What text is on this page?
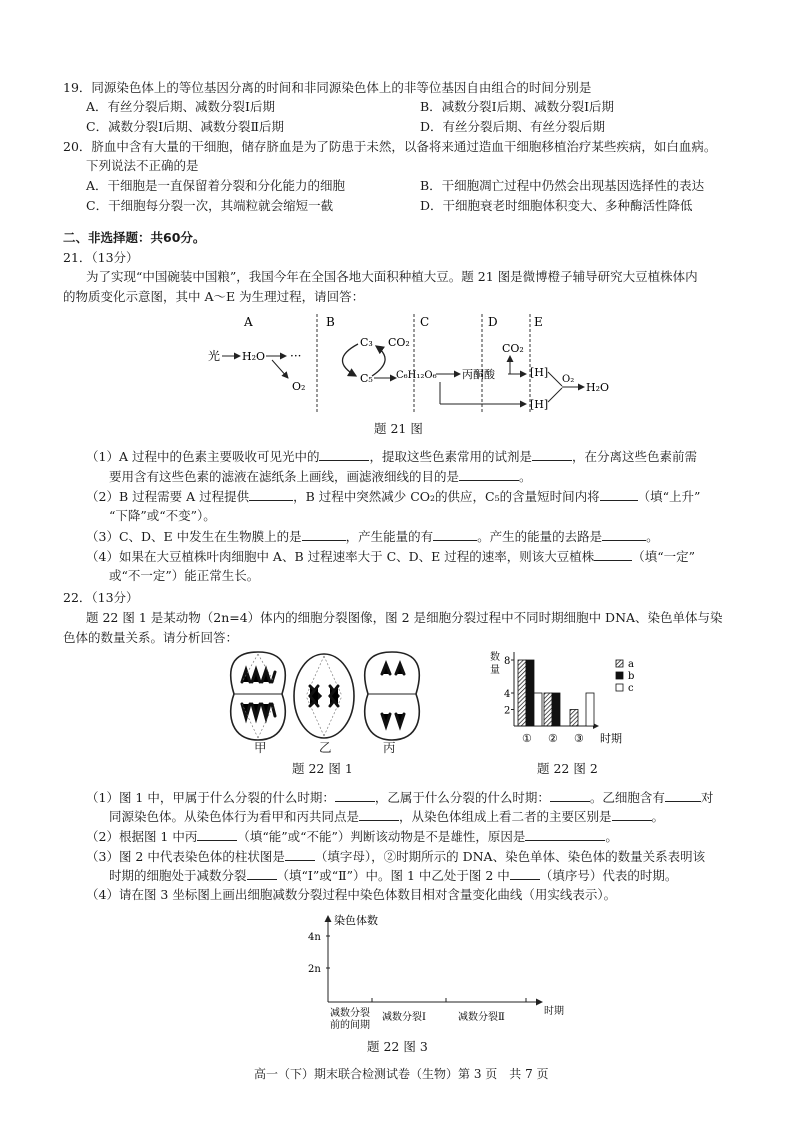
19．同源染色体上的等位基因分离的时间和非同源染色体上的非等位基因自由组合的时间分别是
A．有丝分裂后期、减数分裂Ⅰ后期	B．减数分裂Ⅰ后期、减数分裂Ⅰ后期
C．减数分裂Ⅰ后期、减数分裂Ⅱ后期	D．有丝分裂后期、有丝分裂后期
20．脐血中含有大量的干细胞，储存脐血是为了防患于未然，以备将来通过造血干细胞移植治疗某些疾病，如白血病。
下列说法不正确的是
A．干细胞是一直保留着分裂和分化能力的细胞	B．干细胞凋亡过程中仍然会出现基因选择性的表达
C．干细胞每分裂一次，其端粒就会缩短一截	D．干细胞衰老时细胞体积变大、多种酶活性降低
二、非选择题：共60分。
21．（13分）
为了实现“中国碗装中国粮”，我国今年在全国各地大面积种植大豆。题 21 图是微博橙子辅导研究大豆植株体内
的物质变化示意图，其中 A～E 为生理过程，请回答：
A	B	C	D	E
光 H₂O ···
O₂
C₃
C₅
CO₂
C₆H₁₂O₆ 丙酮酸
CO₂
[H]
[H]
O₂
H₂O
题 21 图
（1）A 过程中的色素主要吸收可见光中的	，提取这些色素常用的试剂是	，在分离这些色素前需
要用含有这些色素的滤液在滤纸条上画线，画滤液细线的目的是	。
（2）B 过程需要 A 过程提供	，B 过程中突然减少 CO₂的供应，C₅的含量短时间内将	（填“上升”
“下降”或“不变”）。
（3）C、D、E 中发生在生物膜上的是	，产生能量的有	。产生的能量的去路是	。
（4）如果在大豆植株叶肉细胞中 A、B 过程速率大于 C、D、E 过程的速率，则该大豆植株	（填“一定”
或“不一定”）能正常生长。
22．（13分）
题 22 图 1 是某动物（2n=4）体内的细胞分裂图像，图 2 是细胞分裂过程中不同时期细胞中 DNA、染色单体与染
色体的数量关系。请分析回答：
甲	乙	丙
题 22 图 1
数
量
2
4
8
① ② ③ 时期
a
b
c
题 22 图 2
（1）图 1 中，甲属于什么分裂的什么时期：	，乙属于什么分裂的什么时期：	。乙细胞含有	对
同源染色体。从染色体行为看甲和丙共同点是	，从染色体组成上看二者的主要区别是	。
（2）根据图 1 中丙	（填“能”或“不能”）判断该动物是不是雄性，原因是	。
（3）图 2 中代表染色体的柱状图是 （填字母），②时期所示的 DNA、染色单体、染色体的数量关系表明该
时期的细胞处于减数分裂 （填“Ⅰ”或“Ⅱ”）中。图 1 中乙处于图 2 中 （填序号）代表的时期。
（4）请在图 3 坐标图上画出细胞减数分裂过程中染色体数目相对含量变化曲线（用实线表示）。
染色体数
4n
2n
时期
减数分裂
前的间期
减数分裂Ⅰ	减数分裂Ⅱ
题 22 图 3
高一（下）期末联合检测试卷（生物）第 3 页　共 7 页
